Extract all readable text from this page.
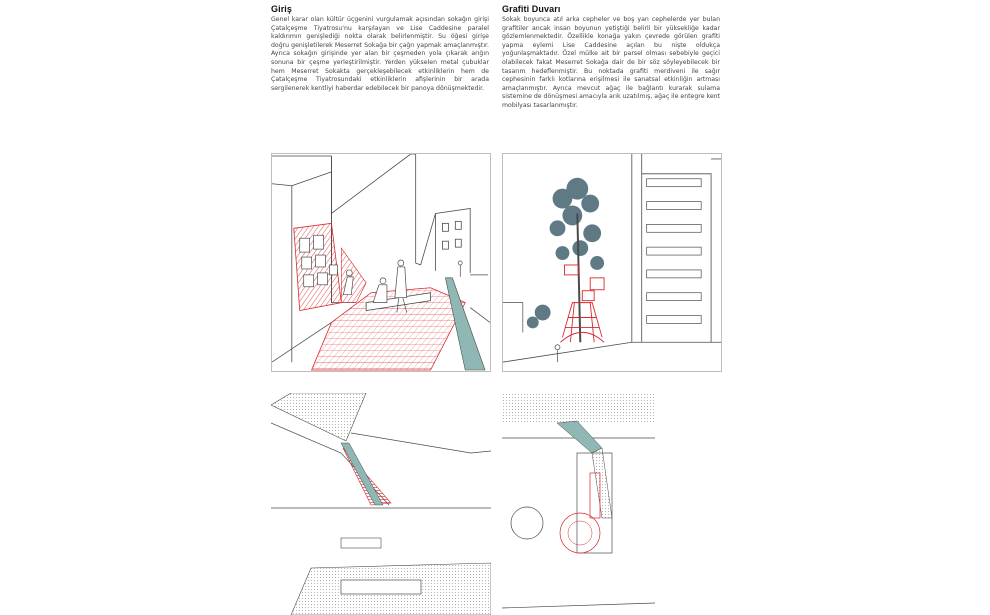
Giriş

Genel karar olan kültür üçgenini vurgulamak açısından sokağın girişi Çatalçeşme Tiyatrosu'nu karşılayan ve Lise Caddesine paralel kaldırımın genişlediği nokta olarak belirlenmiştir. Su öğesi girişe doğru genişletilerek Meserret Sokağa bir çağrı yapmak amaçlanmıştır. Ayrıca sokağın girişinde yer alan bir çeşmeden yola çıkarak arığın sonuna bir çeşme yerleştirilmiştir. Yerden yükselen metal çubuklar hem Meserret Sokakta gerçekleşebilecek etkinliklerin hem de Çatalçeşme Tiyatrosundaki etkinliklerin afişlerinin bir arada sergilenerek kentliyi haberdar edebilecek bir panoya dönüşmektedir.

Grafiti Duvarı

Sokak boyunca atıl arka cepheler ve boş yan cephelerde yer bulan grafitiler ancak insan boyunun yetiştiği belirli bir yüksekliğe kadar gözlemlenmektedir. Özellikle konağa yakın çevrede görülen grafiti yapma eylemi Lise Caddesine açılan bu nişte oldukça yoğunlaşmaktadır. Özel mülke ait bir parsel olması sebebiyle geçici olabilecek fakat Meserret Sokağa dair de bir söz söyleyebilecek bir tasarım hedeflenmiştir. Bu noktada grafiti merdiveni ile sağır cephesinin farklı kotlarına erişilmesi ile sanatsal etkinliğin artması amaçlanmıştır. Ayrıca mevcut ağaç ile bağlantı kurarak sulama sistemine de dönüşmesi amacıyla arık uzatılmış, ağaç ile entegre kent mobilyası tasarlanmıştır.
